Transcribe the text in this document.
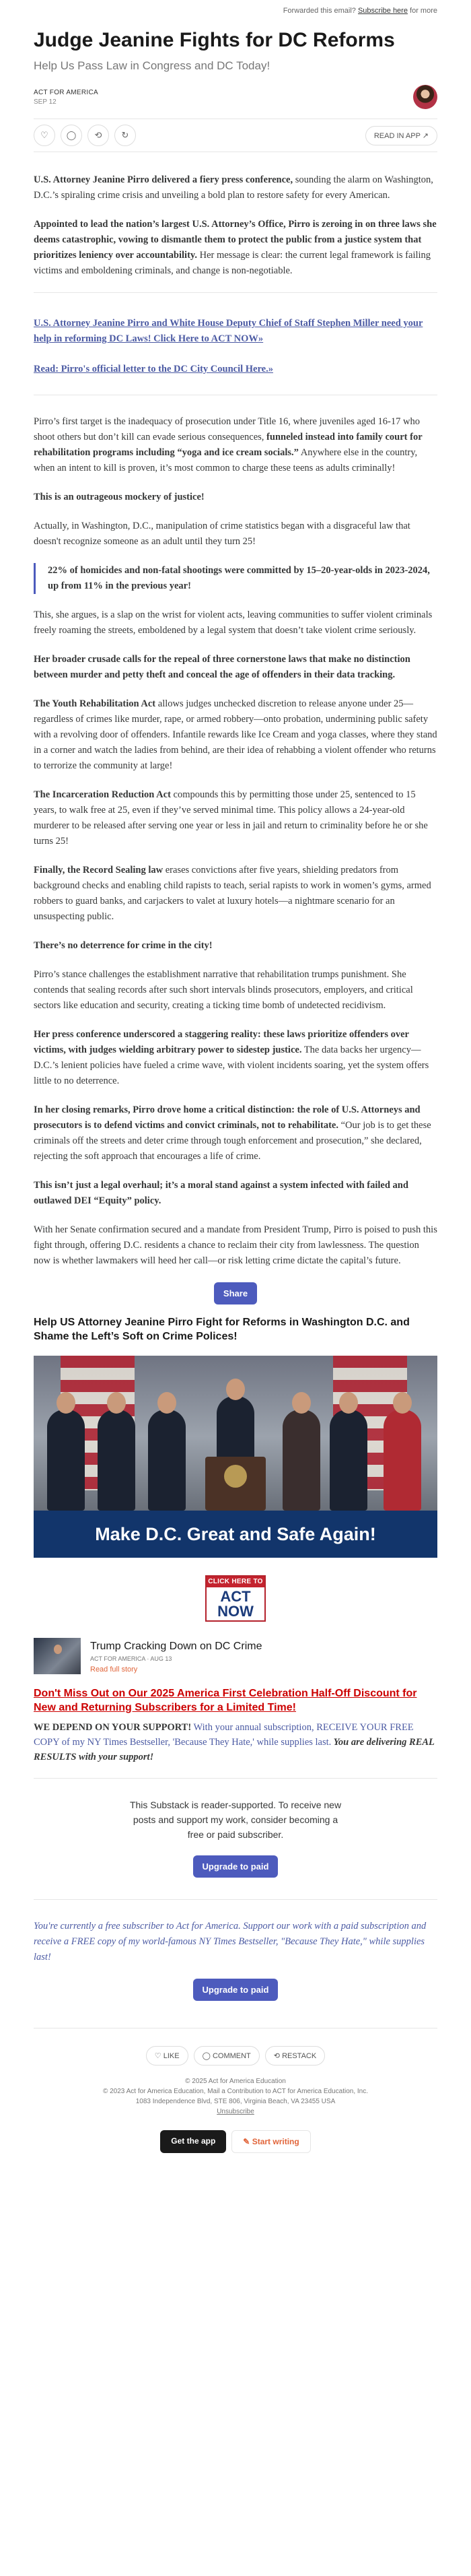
Forwarded this email? Subscribe here for more
Judge Jeanine Fights for DC Reforms
Help Us Pass Law in Congress and DC Today!
ACT FOR AMERICA
SEP 12
♡	◯	⟲	↻	READ IN APP ↗

U.S. Attorney Jeanine Pirro delivered a fiery press conference, sounding the alarm on Washington, D.C.’s spiraling crime crisis and unveiling a bold plan to restore safety for every American.

Appointed to lead the nation’s largest U.S. Attorney’s Office, Pirro is zeroing in on three laws she deems catastrophic, vowing to dismantle them to protect the public from a justice system that prioritizes leniency over accountability. Her message is clear: the current legal framework is failing victims and emboldening criminals, and change is non-negotiable.

U.S. Attorney Jeanine Pirro and White House Deputy Chief of Staff Stephen Miller need your help in reforming DC Laws! Click Here to ACT NOW»
Read: Pirro's official letter to the DC City Council Here.»

Pirro’s first target is the inadequacy of prosecution under Title 16, where juveniles aged 16-17 who shoot others but don’t kill can evade serious consequences, funneled instead into family court for rehabilitation programs including “yoga and ice cream socials.” Anywhere else in the country, when an intent to kill is proven, it’s most common to charge these teens as adults criminally!

This is an outrageous mockery of justice!

Actually, in Washington, D.C., manipulation of crime statistics began with a disgraceful law that doesn't recognize someone as an adult until they turn 25!

22% of homicides and non-fatal shootings were committed by 15–20-year-olds in 2023-2024, up from 11% in the previous year!

This, she argues, is a slap on the wrist for violent acts, leaving communities to suffer violent criminals freely roaming the streets, emboldened by a legal system that doesn’t take violent crime seriously.

Her broader crusade calls for the repeal of three cornerstone laws that make no distinction between murder and petty theft and conceal the age of offenders in their data tracking.

The Youth Rehabilitation Act allows judges unchecked discretion to release anyone under 25—regardless of crimes like murder, rape, or armed robbery—onto probation, undermining public safety with a revolving door of offenders. Infantile rewards like Ice Cream and yoga classes, where they stand in a corner and watch the ladies from behind, are their idea of rehabbing a violent offender who returns to terrorize the community at large!

The Incarceration Reduction Act compounds this by permitting those under 25, sentenced to 15 years, to walk free at 25, even if they’ve served minimal time. This policy allows a 24-year-old murderer to be released after serving one year or less in jail and return to criminality before he or she turns 25!

Finally, the Record Sealing law erases convictions after five years, shielding predators from background checks and enabling child rapists to teach, serial rapists to work in women’s gyms, armed robbers to guard banks, and carjackers to valet at luxury hotels—a nightmare scenario for an unsuspecting public.

There’s no deterrence for crime in the city!

Pirro’s stance challenges the establishment narrative that rehabilitation trumps punishment. She contends that sealing records after such short intervals blinds prosecutors, employers, and critical sectors like education and security, creating a ticking time bomb of undetected recidivism.

Her press conference underscored a staggering reality: these laws prioritize offenders over victims, with judges wielding arbitrary power to sidestep justice. The data backs her urgency—D.C.’s lenient policies have fueled a crime wave, with violent incidents soaring, yet the system offers little to no deterrence.

In her closing remarks, Pirro drove home a critical distinction: the role of U.S. Attorneys and prosecutors is to defend victims and convict criminals, not to rehabilitate. “Our job is to get these criminals off the streets and deter crime through tough enforcement and prosecution,” she declared, rejecting the soft approach that encourages a life of crime.

This isn’t just a legal overhaul; it’s a moral stand against a system infected with failed and outlawed DEI “Equity” policy.

With her Senate confirmation secured and a mandate from President Trump, Pirro is poised to push this fight through, offering D.C. residents a chance to reclaim their city from lawlessness. The question now is whether lawmakers will heed her call—or risk letting crime dictate the capital’s future.

Share
Help US Attorney Jeanine Pirro Fight for Reforms in Washington D.C. and Shame the Left’s Soft on Crime Polices!
Make D.C. Great and Safe Again!
CLICK HERE TO
ACT NOW
Trump Cracking Down on DC Crime
ACT FOR AMERICA · AUG 13
Read full story
Don't Miss Out on Our 2025 America First Celebration Half-Off Discount for New and Returning Subscribers for a Limited Time!
WE DEPEND ON YOUR SUPPORT! With your annual subscription, RECEIVE YOUR FREE COPY of my NY Times Bestseller, 'Because They Hate,' while supplies last. You are delivering REAL RESULTS with your support!

This Substack is reader-supported. To receive new posts and support my work, consider becoming a free or paid subscriber.

Upgrade to paid
You're currently a free subscriber to Act for America. Support our work with a paid subscription and receive a FREE copy of my world-famous NY Times Bestseller, "Because They Hate," while supplies last!
Upgrade to paid
♡ LIKE	◯ COMMENT	⟲ RESTACK
© 2025 Act for America Education
© 2023 Act for America Education, Mail a Contribution to ACT for America Education, Inc.
1083 Independence Blvd, STE 806, Virginia Beach, VA 23455 USA
Unsubscribe
Get the app	✎ Start writing
